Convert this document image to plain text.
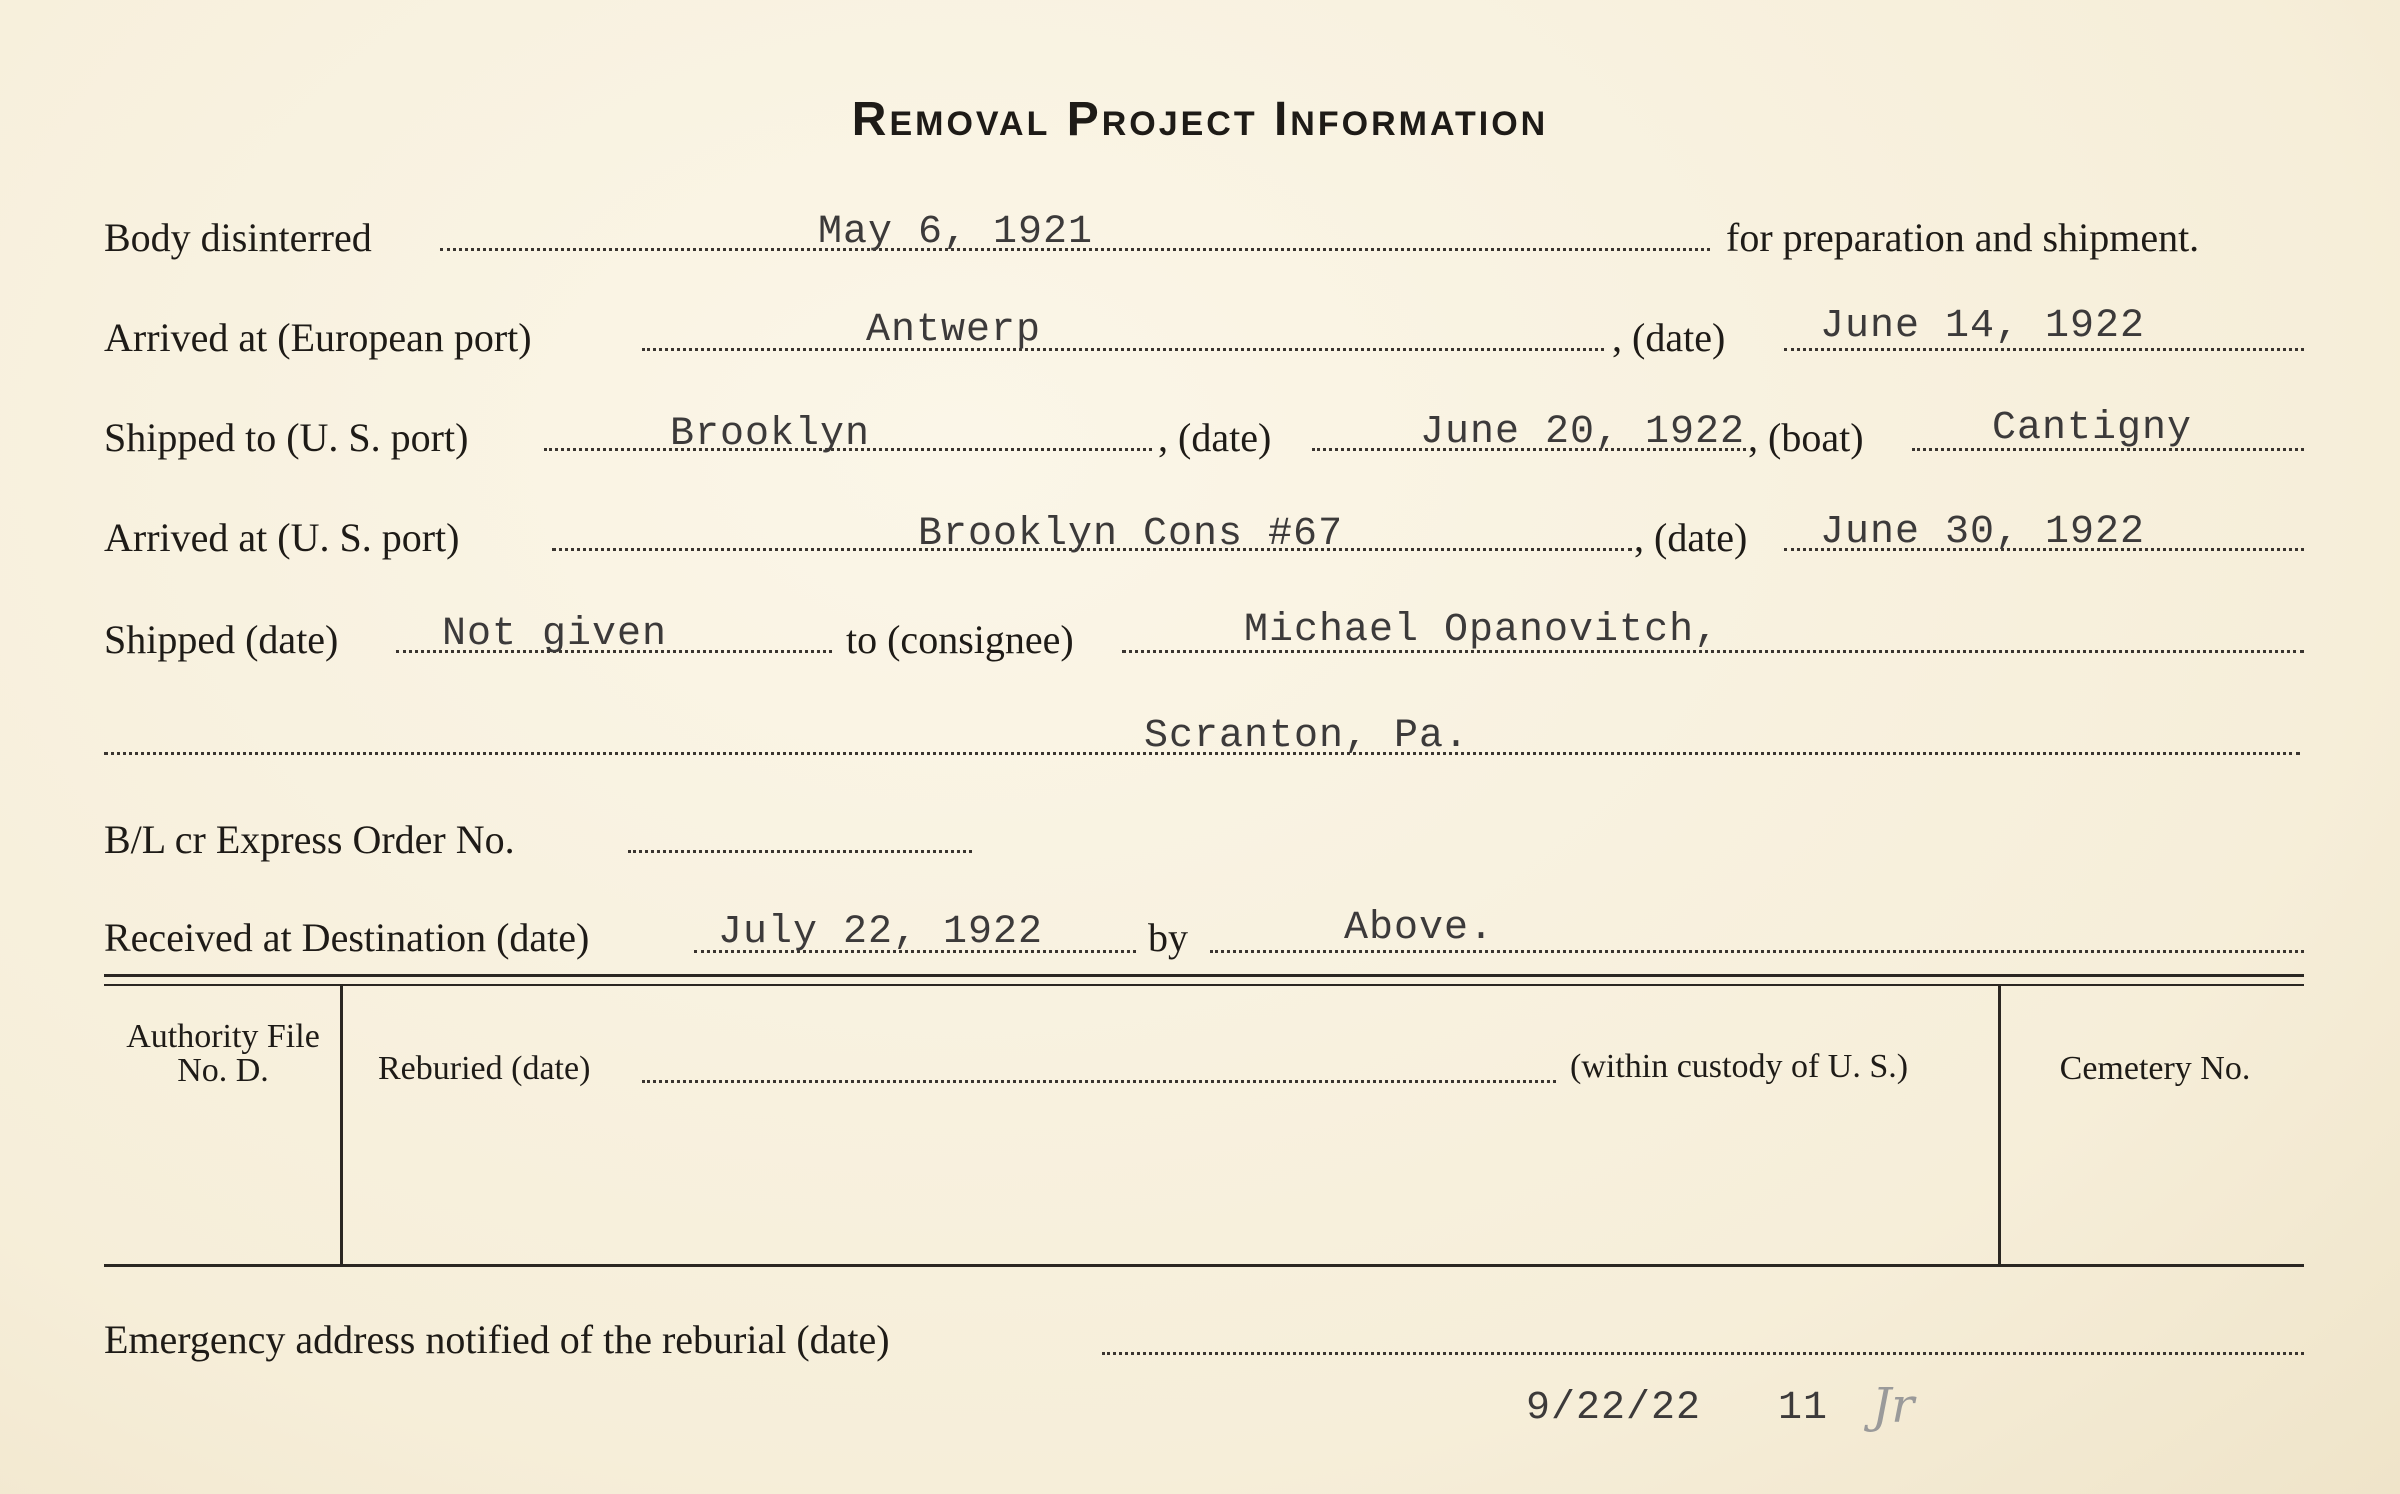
Removal Project Information
Body disinterred	May 6, 1921	for preparation and shipment.
Arrived at (European port)	Antwerp	, (date) June 14, 1922
Shipped to (U. S. port)	Brooklyn	, (date)	June 20, 1922 , (boat)	Cantigny
Arrived at (U. S. port)	Brooklyn Cons #67	, (date) June 30, 1922
Shipped (date)	Not given	to (consignee)	Michael Opanovitch,
Scranton, Pa.
B/L cr Express Order No.
Received at Destination (date)	July 22, 1922	by	Above.
Authority File No. D.	Reburied (date)	(within custody of U. S.)	Cemetery No.
Emergency address notified of the reburial (date)
9/22/22 11 Jr
